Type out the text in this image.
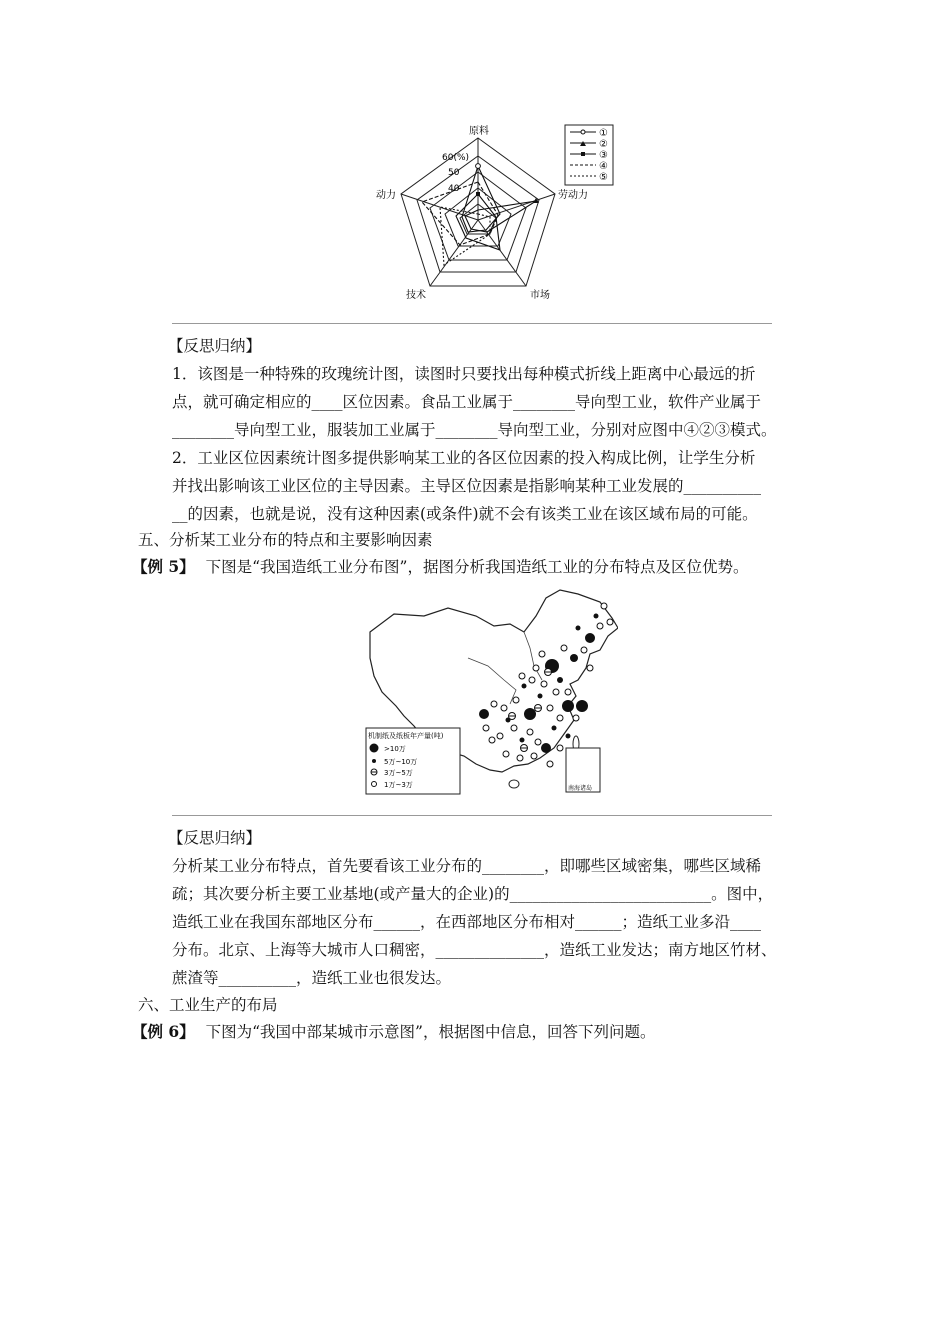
原料
劳动力
市场
技术
动力
60(%)
50
40
①
②
③
④
⑤
【反思归纳】
1．该图是一种特殊的玫瑰统计图，读图时只要找出每种模式折线上距离中心最远的折
点，就可确定相应的____区位因素。食品工业属于________导向型工业，软件产业属于
________导向型工业，服装加工业属于________导向型工业，分别对应图中④②③模式。
2．工业区位因素统计图多提供影响某工业的各区位因素的投入构成比例，让学生分析
并找出影响该工业区位的主导因素。主导区位因素是指影响某种工业发展的__________
__的因素，也就是说，没有这种因素(或条件)就不会有该类工业在该区域布局的可能。
五、分析某工业分布的特点和主要影响因素
【例 5】 下图是“我国造纸工业分布图”，据图分析我国造纸工业的分布特点及区位优势。
南海诸岛
机制纸及纸板年产量(吨)
>10万
5万~10万
3万~5万
1万~3万
【反思归纳】
分析某工业分布特点，首先要看该工业分布的________，即哪些区域密集，哪些区域稀
疏；其次要分析主要工业基地(或产量大的企业)的__________________________。图中，
造纸工业在我国东部地区分布______，在西部地区分布相对______；造纸工业多沿____
分布。北京、上海等大城市人口稠密，______________，造纸工业发达；南方地区竹材、
蔗渣等__________，造纸工业也很发达。
六、工业生产的布局
【例 6】 下图为“我国中部某城市示意图”，根据图中信息，回答下列问题。
